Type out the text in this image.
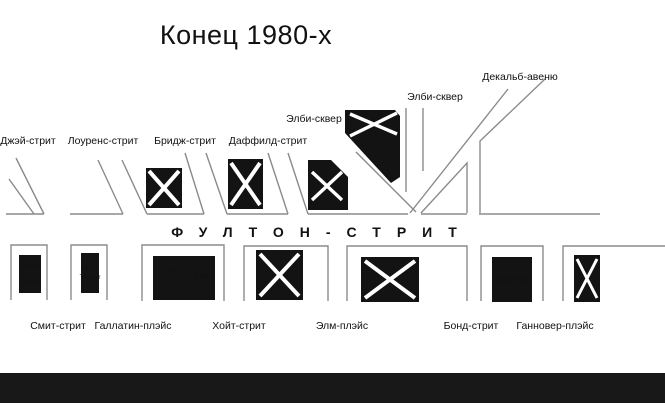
Конец 1980-х
Джэй-стрит Лоуренс-стрит Бридж-стрит Даффилд-стрит
Элби-сквер
Элби-сквер
Декальб-авеню
ФУЛТОН-СТРИТ
Смит-стрит Галлатин-плэйс	Хойт-стрит	Элм-плэйс	Бонд-стрит Ганновер-плэйс
Gage
&
Tollner
Movie
Theater
Wool-
worth's A&S	McCrory's
